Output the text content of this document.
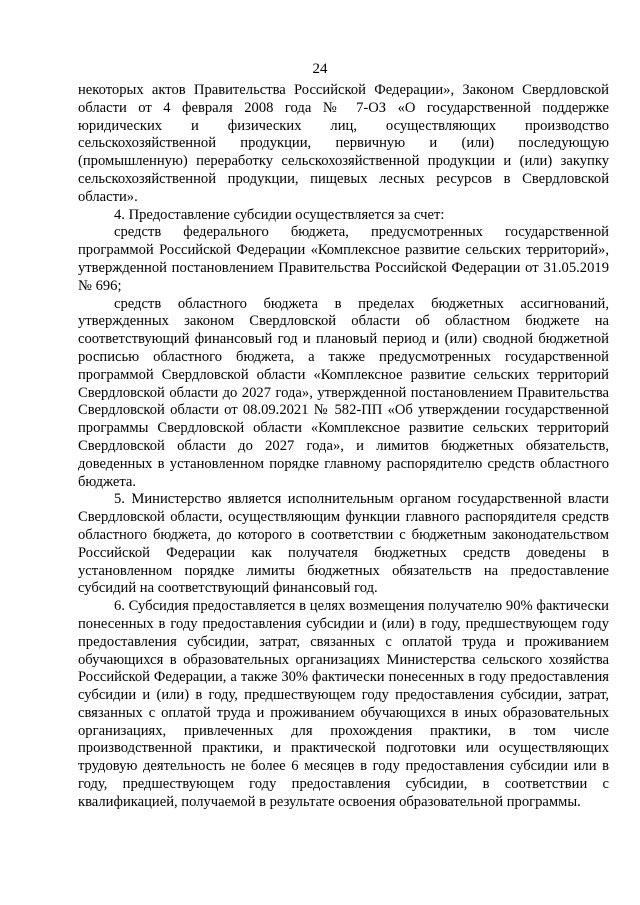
24

некоторых актов Правительства Российской Федерации», Законом Свердловской области от 4 февраля 2008 года № 7-ОЗ «О государственной поддержке юридических и физических лиц, осуществляющих производство сельскохозяйственной продукции, первичную и (или) последующую (промышленную) переработку сельскохозяйственной продукции и (или) закупку сельскохозяйственной продукции, пищевых лесных ресурсов в Свердловской области».

4. Предоставление субсидии осуществляется за счет:

средств федерального бюджета, предусмотренных государственной программой Российской Федерации «Комплексное развитие сельских территорий», утвержденной постановлением Правительства Российской Федерации от 31.05.2019 № 696;

средств областного бюджета в пределах бюджетных ассигнований, утвержденных законом Свердловской области об областном бюджете на соответствующий финансовый год и плановый период и (или) сводной бюджетной росписью областного бюджета, а также предусмотренных государственной программой Свердловской области «Комплексное развитие сельских территорий Свердловской области до 2027 года», утвержденной постановлением Правительства Свердловской области от 08.09.2021 № 582-ПП «Об утверждении государственной программы Свердловской области «Комплексное развитие сельских территорий Свердловской области до 2027 года», и лимитов бюджетных обязательств, доведенных в установленном порядке главному распорядителю средств областного бюджета.

5. Министерство является исполнительным органом государственной власти Свердловской области, осуществляющим функции главного распорядителя средств областного бюджета, до которого в соответствии с бюджетным законодательством Российской Федерации как получателя бюджетных средств доведены в установленном порядке лимиты бюджетных обязательств на предоставление субсидий на соответствующий финансовый год.

6. Субсидия предоставляется в целях возмещения получателю 90% фактически понесенных в году предоставления субсидии и (или) в году, предшествующем году предоставления субсидии, затрат, связанных с оплатой труда и проживанием обучающихся в образовательных организациях Министерства сельского хозяйства Российской Федерации, а также 30% фактически понесенных в году предоставления субсидии и (или) в году, предшествующем году предоставления субсидии, затрат, связанных с оплатой труда и проживанием обучающихся в иных образовательных организациях, привлеченных для прохождения практики, в том числе производственной практики, и практической подготовки или осуществляющих трудовую деятельность не более 6 месяцев в году предоставления субсидии или в году, предшествующем году предоставления субсидии, в соответствии с квалификацией, получаемой в результате освоения образовательной программы.
